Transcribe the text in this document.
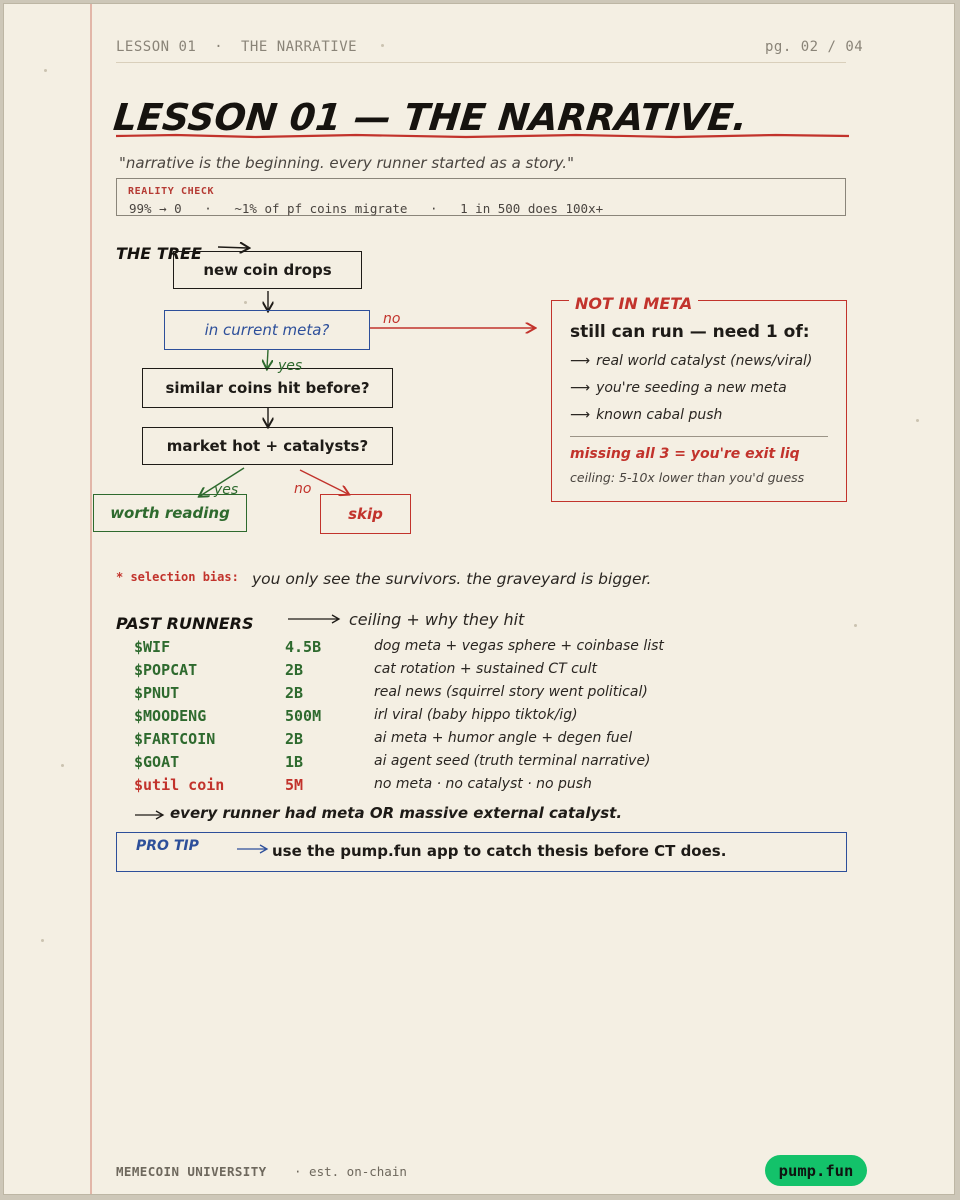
LESSON 01  ·  THE NARRATIVE	pg. 02 / 04
LESSON 01 — THE NARRATIVE.
"narrative is the beginning. every runner started as a story."
REALITY CHECK
99% → 0   ·   ~1% of pf coins migrate   ·   1 in 500 does 100x+
THE TREE
new coin drops
in current meta?
similar coins hit before?
market hot + catalysts?
worth reading	skip
no
yes
yes	no
NOT IN META
still can run — need 1 of:
⟶ real world catalyst (news/viral)
⟶ you're seeding a new meta
⟶ known cabal push
missing all 3 = you're exit liq
ceiling: 5-10x lower than you'd guess
* selection bias: you only see the survivors. the graveyard is bigger.
PAST RUNNERS	ceiling + why they hit
$WIF	4.5B	dog meta + vegas sphere + coinbase list
$POPCAT	2B	cat rotation + sustained CT cult
$PNUT	2B	real news (squirrel story went political)
$MOODENG	500M	irl viral (baby hippo tiktok/ig)
$FARTCOIN	2B	ai meta + humor angle + degen fuel
$GOAT	1B	ai agent seed (truth terminal narrative)
$util coin	5M	no meta · no catalyst · no push
every runner had meta OR massive external catalyst.
PRO TIP	use the pump.fun app to catch thesis before CT does.
MEMECOIN UNIVERSITY · est. on-chain	pump.fun
